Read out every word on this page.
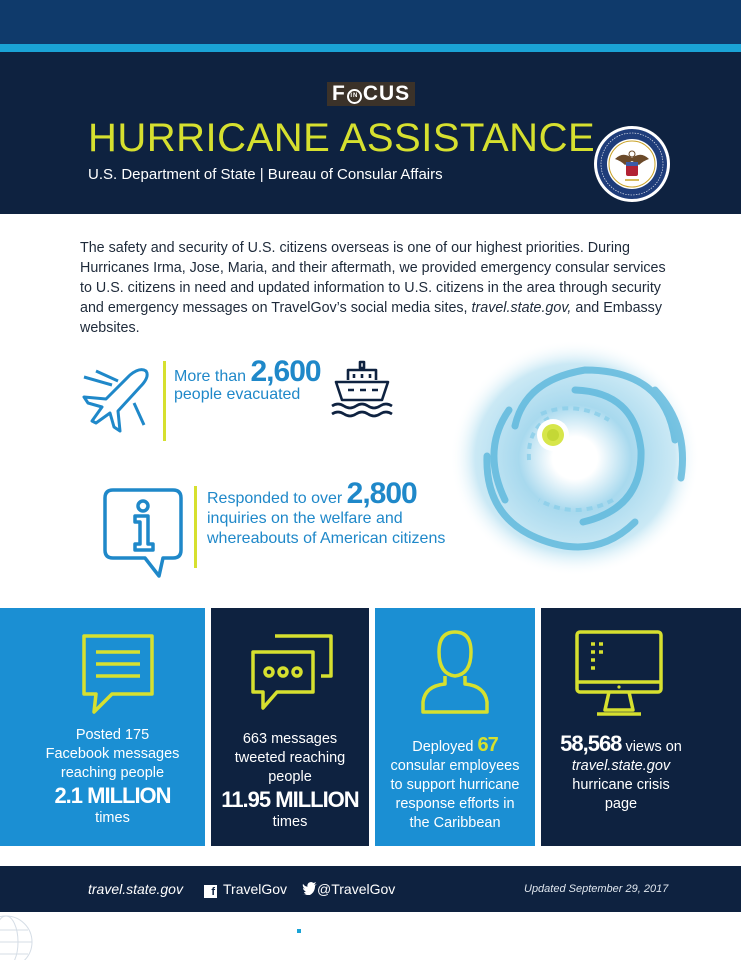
F IN CUS
HURRICANE ASSISTANCE
U.S. Department of State | Bureau of Consular Affairs

The safety and security of U.S. citizens overseas is one of our highest priorities. During Hurricanes Irma, Jose, Maria, and their aftermath, we provided emergency consular services to U.S. citizens in need and updated information to U.S. citizens in the area through security and emergency messages on TravelGov’s social media sites, travel.state.gov, and Embassy websites.

More than 2,600
people evacuated
Responded to over 2,800
inquiries on the welfare and
whereabouts of American citizens
Posted 175
Facebook messages
reaching people
2.1 MILLION
times
663 messages
tweeted reaching
people
11.95 MILLION
times
Deployed 67
consular employees
to support hurricane
response efforts in
the Caribbean
58,568 views on
travel.state.gov
hurricane crisis
page
travel.state.gov	f TravelGov	@TravelGov	Updated September 29, 2017
